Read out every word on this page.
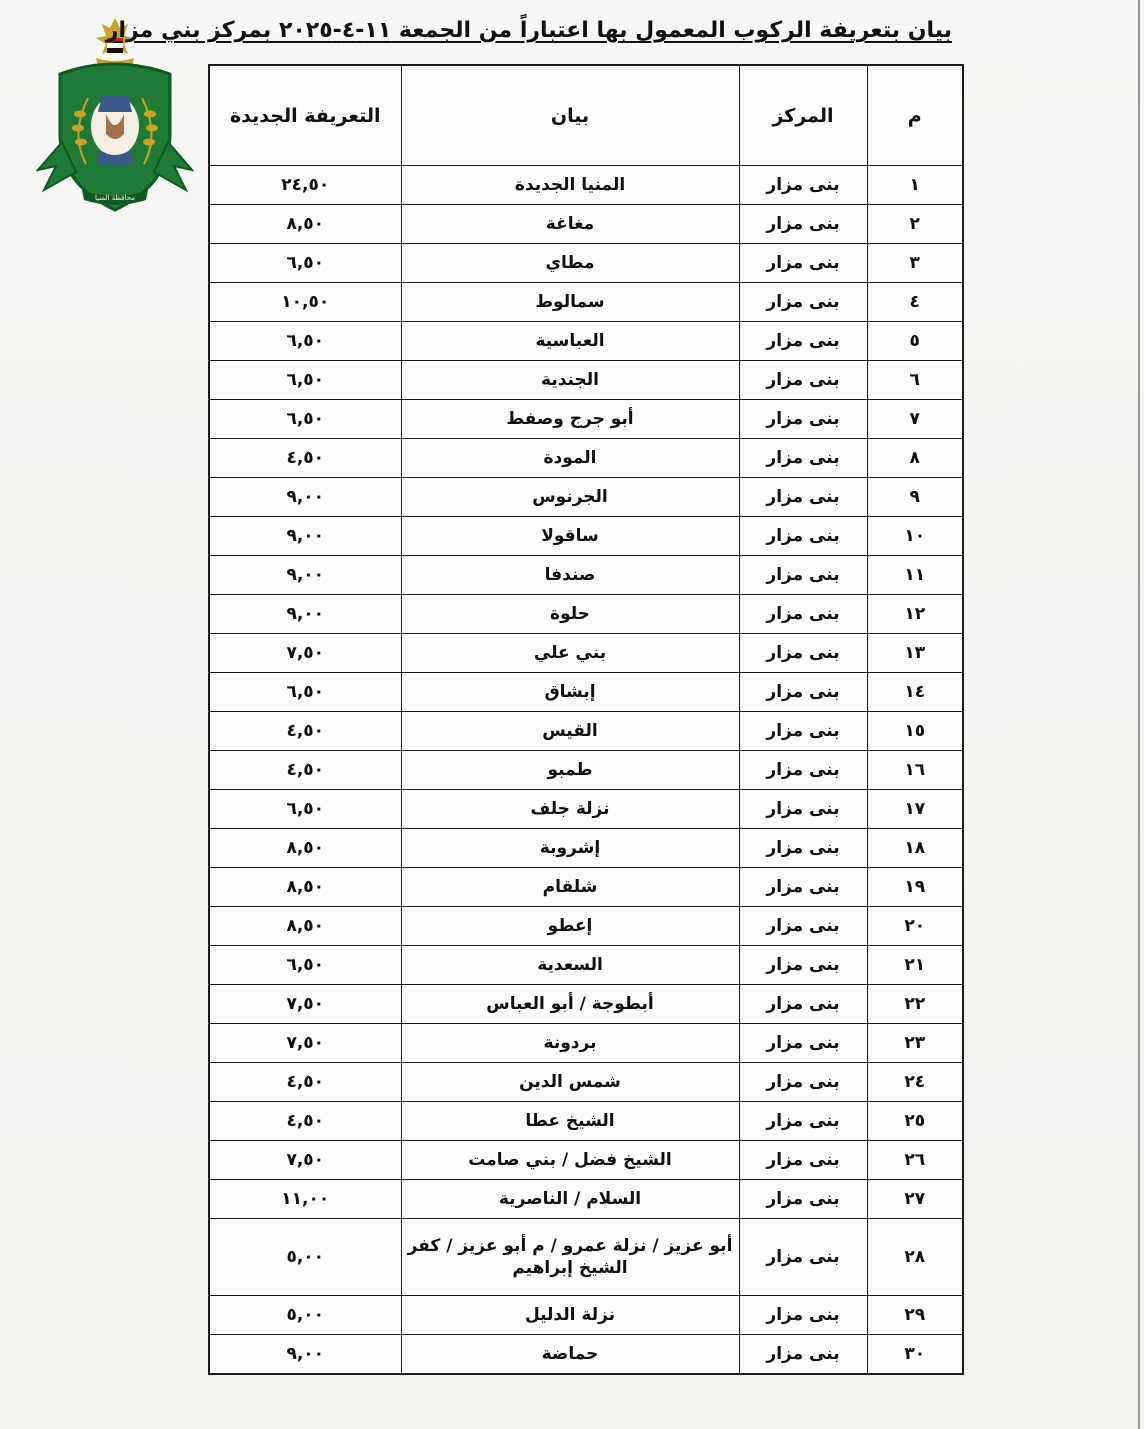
محافظة المنيا
بيان بتعريفة الركوب المعمول بها اعتباراً من الجمعة ١١-٤-٢٠٢٥ بمركز بني مزار
م	المركز	بيان	التعريفة الجديدة
١	بنى مزار	المنيا الجديدة	٢٤,٥٠
٢	بنى مزار	مغاغة	٨,٥٠
٣	بنى مزار	مطاي	٦,٥٠
٤	بنى مزار	سمالوط	١٠,٥٠
٥	بنى مزار	العباسية	٦,٥٠
٦	بنى مزار	الجندية	٦,٥٠
٧	بنى مزار	أبو جرج وصفط	٦,٥٠
٨	بنى مزار	المودة	٤,٥٠
٩	بنى مزار	الجرنوس	٩,٠٠
١٠	بنى مزار	ساقولا	٩,٠٠
١١	بنى مزار	صندفا	٩,٠٠
١٢	بنى مزار	حلوة	٩,٠٠
١٣	بنى مزار	بني علي	٧,٥٠
١٤	بنى مزار	إبشاق	٦,٥٠
١٥	بنى مزار	القيس	٤,٥٠
١٦	بنى مزار	طمبو	٤,٥٠
١٧	بنى مزار	نزلة جلف	٦,٥٠
١٨	بنى مزار	إشروبة	٨,٥٠
١٩	بنى مزار	شلقام	٨,٥٠
٢٠	بنى مزار	إعطو	٨,٥٠
٢١	بنى مزار	السعدية	٦,٥٠
٢٢	بنى مزار	أبطوجة / أبو العباس	٧,٥٠
٢٣	بنى مزار	بردونة	٧,٥٠
٢٤	بنى مزار	شمس الدين	٤,٥٠
٢٥	بنى مزار	الشيخ عطا	٤,٥٠
٢٦	بنى مزار	الشيخ فضل / بني صامت	٧,٥٠
٢٧	بنى مزار	السلام / الناصرية	١١,٠٠
٢٨	بنى مزار	أبو عزيز / نزلة عمرو / م أبو عزيز / كفر الشيخ إبراهيم	٥,٠٠
٢٩	بنى مزار	نزلة الدليل	٥,٠٠
٣٠	بنى مزار	حماضة	٩,٠٠
